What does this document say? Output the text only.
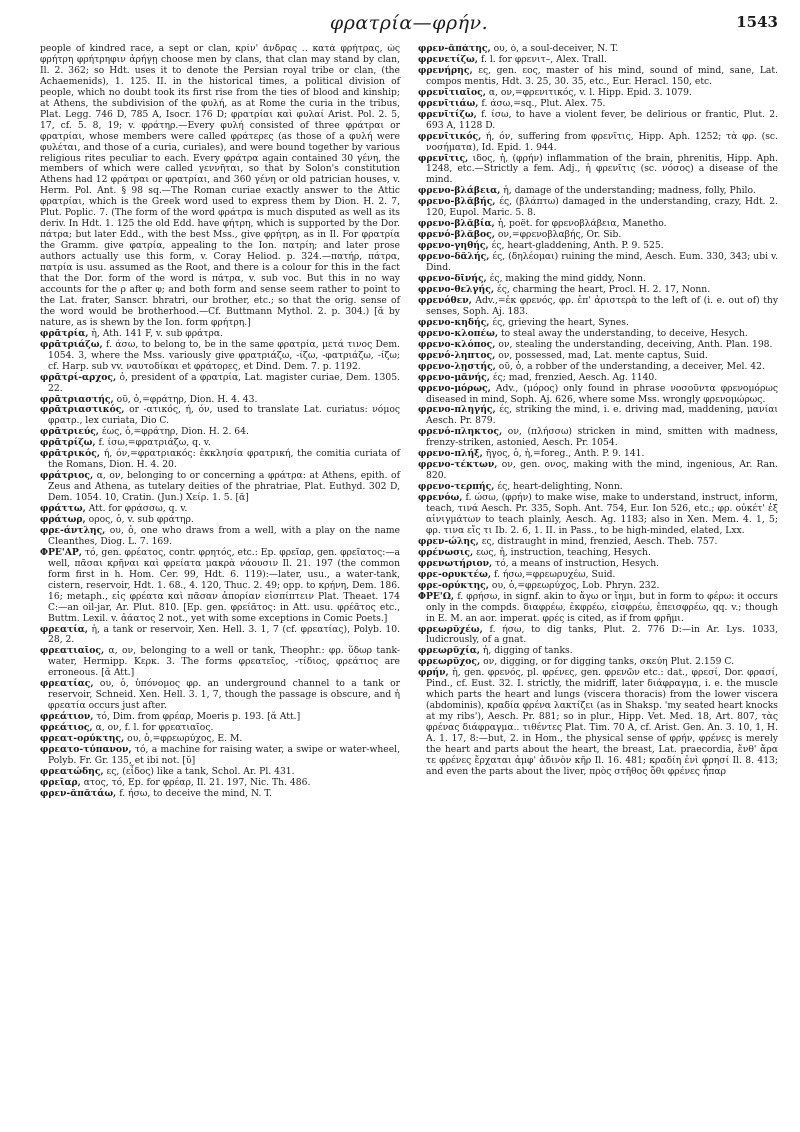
φρατρία—φρήν.	1543

people of kindred race, a sept or clan, κρίν' ἄνδρας .. κατὰ φρήτρας, ὡς φρήτρη φρήτρηφιν ἀρήγῃ choose men by clans, that clan may stand by clan, Il. 2. 362; so Hdt. uses it to denote the Persian royal tribe or clan, (the Achaemenids), 1. 125. II. in the historical times, a political division of people, which no doubt took its first rise from the ties of blood and kinship; at Athens, the subdivision of the φυλή, as at Rome the curia in the tribus, Plat. Legg. 746 D, 785 A, Isocr. 176 D; φρατρίαι καὶ φυλαί Arist. Pol. 2. 5, 17, cf. 5. 8, 19; v. φράτηρ.—Every φυλή consisted of three φράτραι or φρατρίαι, whose members were called φράτερες (as those of a φυλή were φυλέται, and those of a curia, curiales), and were bound together by various religious rites peculiar to each. Every φράτρα again contained 30 γένη, the members of which were called γεννῆται, so that by Solon's constitution Athens had 12 φράτραι or φρατρίαι, and 360 γένη or old patrician houses, v. Herm. Pol. Ant. § 98 sq.—The Roman curiae exactly answer to the Attic φρατρίαι, which is the Greek word used to express them by Dion. H. 2. 7, Plut. Poplic. 7. (The form of the word φράτρα is much disputed as well as its deriv. In Hdt. 1. 125 the old Edd. have φήτρη, which is supported by the Dor. πάτρα; but later Edd., with the best Mss., give φρήτρη, as in Il. For φρατρία the Gramm. give φατρία, appealing to the Ion. πατρίη; and later prose authors actually use this form, v. Coray Heliod. p. 324.—πατήρ, πάτρα, πατρία is usu. assumed as the Root, and there is a colour for this in the fact that the Dor. form of the word is πάτρα, v. sub voc. But this in no way accounts for the ρ after φ; and both form and sense seem rather to point to the Lat. frater, Sanscr. bhratri, our brother, etc.; so that the orig. sense of the word would be brotherhood.—Cf. Buttmann Mythol. 2. p. 304.) [ᾰ by nature, as is shewn by the Ion. form φρήτρη.]

φρᾱτρία, ἡ, Ath. 141 F, v. sub φράτρα.

φρᾱτριάζω, f. άσω, to belong to, be in the same φρατρία, μετά τινος Dem. 1054. 3, where the Mss. variously give φρατριάζω, -ίζω, -φατριάζω, -ίζω; cf. Harp. sub vv. ναυτοδίκαι et φράτορες, et Dind. Dem. 7. p. 1192.

φρᾱτρί-αρχος, ὁ, president of a φρατρία, Lat. magister curiae, Dem. 1305. 22.

φρᾱτριαστής, οῦ, ὁ,=φράτηρ, Dion. H. 4. 43.

φρᾱτριαστικός, or -ατικός, ή, όν, used to translate Lat. curiatus: νόμος φρατρ., lex curiata, Dio C.

φρᾱτριεύς, έως, ὁ,=φράτηρ, Dion. H. 2. 64.

φρᾱτρίζω, f. ίσω,=φρατριάζω, q. v.

φρᾱτρικός, ή, όν,=φρατριακός: ἐκκλησία φρατρική, the comitia curiata of the Romans, Dion. H. 4. 20.

φράτριος, α, ον, belonging to or concerning a φράτρα: at Athens, epith. of Zeus and Athena, as tutelary deities of the phratriae, Plat. Euthyd. 302 D, Dem. 1054. 10, Cratin. (Jun.) Χείρ. 1. 5. [ᾱ]

φράττω, Att. for φράσσω, q. v.

φράτωρ, ορος, ὁ, v. sub φράτηρ.

φρε-άντλης, ου, ὁ, one who draws from a well, with a play on the name Cleanthes, Diog. L. 7. 169.

ΦΡΕ'ΑΡ, τό, gen. φρέατος, contr. φρητός, etc.: Ep. φρεῖαρ, gen. φρεῖατος:—a well, πᾶσαι κρῆναι καὶ φρείατα μακρὰ νάουσιν Il. 21. 197 (the common form first in h. Hom. Cer. 99, Hdt. 6. 119):—later, usu., a water-tank, cistern, reservoir, Hdt. 1. 68., 4. 120, Thuc. 2. 49; opp. to κρήνη, Dem. 186. 16; metaph., εἰς φρέατα καὶ πᾶσαν ἀπορίαν εἰσπίπτειν Plat. Theaet. 174 C:—an oil-jar, Ar. Plut. 810. [Ep. gen. φρείᾱτος: in Att. usu. φρέᾱτος etc., Buttm. Lexil. v. ἀάατος 2 not., yet with some exceptions in Comic Poets.]

φρεατία, ἡ, a tank or reservoir, Xen. Hell. 3. 1, 7 (cf. φρεατίας), Polyb. 10. 28, 2.

φρεατιαῖος, α, ον, belonging to a well or tank, Theophr.: φρ. ὕδωρ tank-water, Hermipp. Κερκ. 3. The forms φρεατεῖος, -τίδιος, φρεάτιος are erroneous. [ᾰ Att.]

φρεατίας, ου, ὁ, ὑπόνομος φρ. an underground channel to a tank or reservoir, Schneid. Xen. Hell. 3. 1, 7, though the passage is obscure, and ἡ φρεατία occurs just after.

φρεάτιον, τό, Dim. from φρέαρ, Moeris p. 193. [ᾰ Att.]

φρεάτιος, α, ον, f. l. for φρεατιαῖος.

φρεατ-ορύκτης, ου, ὁ,=φρεωρύχος, E. M.

φρεατο-τύπανον, τό, a machine for raising water, a swipe or water-wheel, Polyb. Fr. Gr. 135, et ibi not. [ῠ]

φρεατώδης, ες, (εἶδος) like a tank, Schol. Ar. Pl. 431.

φρεῖαρ, ατος, τό, Ep. for φρέαρ, Il. 21. 197, Nic. Th. 486.

φρεν-ᾰπᾰτάω, f. ήσω, to deceive the mind, N. T.

φρεν-ᾰπάτης, ου, ὁ, a soul-deceiver, N. T.

φρενετίζω, f. l. for φρενιτ–, Alex. Trall.

φρενήρης, ες, gen. εος, master of his mind, sound of mind, sane, Lat. compos mentis, Hdt. 3. 25, 30. 35, etc., Eur. Heracl. 150, etc.

φρενῑτιαῖος, α, ον,=φρενιτικός, v. l. Hipp. Epid. 3. 1079.

φρενῑτιάω, f. άσω,=sq., Plut. Alex. 75.

φρενῑτίζω, f. ίσω, to have a violent fever, be delirious or frantic, Plut. 2. 693 A, 1128 D.

φρενῑτικός, ή, όν, suffering from φρενῖτις, Hipp. Aph. 1252; τὰ φρ. (sc. νοσήματα), Id. Epid. 1. 944.

φρενῖτις, ιδος, ἡ, (φρήν) inflammation of the brain, phrenitis, Hipp. Aph. 1248, etc.—Strictly a fem. Adj., ἡ φρενῖτις (sc. νόσος) a disease of the mind.

φρενο-βλάβεια, ἡ, damage of the understanding; madness, folly, Philo.

φρενο-βλᾰβής, ές, (βλάπτω) damaged in the understanding, crazy, Hdt. 2. 120, Eupol. Maric. 5. 8.

φρενο-βλᾰβία, ἡ, poët. for φρενοβλάβεια, Manetho.

φρενό-βλᾰβος, ον,=φρενοβλαβής, Or. Sib.

φρενο-γηθής, ές, heart-gladdening, Anth. P. 9. 525.

φρενο-δᾰλής, ές, (δηλέομαι) ruining the mind, Aesch. Eum. 330, 343; ubi v. Dind.

φρενο-δῑνής, ές, making the mind giddy, Nonn.

φρενο-θελγής, ές, charming the heart, Procl. H. 2. 17, Nonn.

φρενόθεν, Adv.,=ἐκ φρενός, φρ. ἐπ' ἀριστερὰ to the left of (i. e. out of) thy senses, Soph. Aj. 183.

φρενο-κηδής, ές, grieving the heart, Synes.

φρενο-κλοπέω, to steal away the understanding, to deceive, Hesych.

φρενο-κλόπος, ον, stealing the understanding, deceiving, Anth. Plan. 198.

φρενό-ληπτος, ον, possessed, mad, Lat. mente captus, Suid.

φρενο-λῃστής, οῦ, ὁ, a robber of the understanding, a deceiver, Mel. 42.

φρενο-μᾰνής, ές; mad, frenzied, Aesch. Ag. 1140.

φρενο-μόρως, Adv., (μόρος) only found in phrase νοσοῦντα φρενομόρως diseased in mind, Soph. Aj. 626, where some Mss. wrongly φρενομώρως.

φρενο-πληγής, ές, striking the mind, i. e. driving mad, maddening, μανίαι Aesch. Pr. 879.

φρενό-πληκτος, ον, (πλήσσω) stricken in mind, smitten with madness, frenzy-striken, astonied, Aesch. Pr. 1054.

φρενο-πλήξ, ῆγος, ὁ, ἡ,=foreg., Anth. P. 9. 141.

φρενο-τέκτων, ον, gen. ονος, making with the mind, ingenious, Ar. Ran. 820.

φρενο-τερπής, ές, heart-delighting, Nonn.

φρενόω, f. ώσω, (φρήν) to make wise, make to understand, instruct, inform, teach, τινά Aesch. Pr. 335, Soph. Ant. 754, Eur. Ion 526, etc.; φρ. οὐκέτ' ἐξ αἰνιγμάτων to teach plainly, Aesch. Ag. 1183; also in Xen. Mem. 4. 1, 5; φρ. τινα εἴς τι Ib. 2. 6, 1. II. in Pass., to be high-minded, elated, Lxx.

φρεν-ώλης, ες, distraught in mind, frenzied, Aesch. Theb. 757.

φρένωσις, εως, ἡ, instruction, teaching, Hesych.

φρενωτήριον, τό, a means of instruction, Hesych.

φρε-ορυκτέω, f. ήσω,=φρεωρυχέω, Suid.

φρε-ορύκτης, ου, ὁ,=φρεωρύχος, Lob. Phryn. 232.

ΦΡΕ'Ω, f. φρήσω, in signf. akin to ἄγω or ἵημι, but in form to φέρω: it occurs only in the compds. διαφρέω, ἐκφρέω, εἰσφρέω, ἐπεισφρέω, qq. v.; though in E. M. an aor. imperat. φρές is cited, as if from φρῆμι.

φρεωρῠχέω, f. ήσω, to dig tanks, Plut. 2. 776 D:—in Ar. Lys. 1033, ludicrously, of a gnat.

φρεωρῠχία, ἡ, digging of tanks.

φρεωρῠχος, ον, digging, or for digging tanks, σκεύη Plut. 2.159 C.

φρήν, ἡ, gen. φρενός, pl. φρένες, gen. φρενῶν etc.: dat., φρεσί, Dor. φρασί, Pind., cf. Eust. 32. I. strictly, the midriff, later διάφραγμα, i. e. the muscle which parts the heart and lungs (viscera thoracis) from the lower viscera (abdominis), κραδία φρένα λακτίζει (as in Shaksp. 'my seated heart knocks at my ribs'), Aesch. Pr. 881; so in plur., Hipp. Vet. Med. 18, Art. 807, τὰς φρένας διάφραγμα.. τιθέντες Plat. Tim. 70 A, cf. Arist. Gen. An. 3. 10, 1, H. A. 1. 17, 8:—but, 2. in Hom., the physical sense of φρήν, φρένες is merely the heart and parts about the heart, the breast, Lat. praecordia, ἔνθ' ἄρα τε φρένες ἔρχαται ἀμφ' ἁδινὸν κῆρ Il. 16. 481; κραδίη ἐνὶ φρησί Il. 8. 413; and even the parts about the liver, πρὸς στῆθος ὅθι φρένες ἧπαρ
